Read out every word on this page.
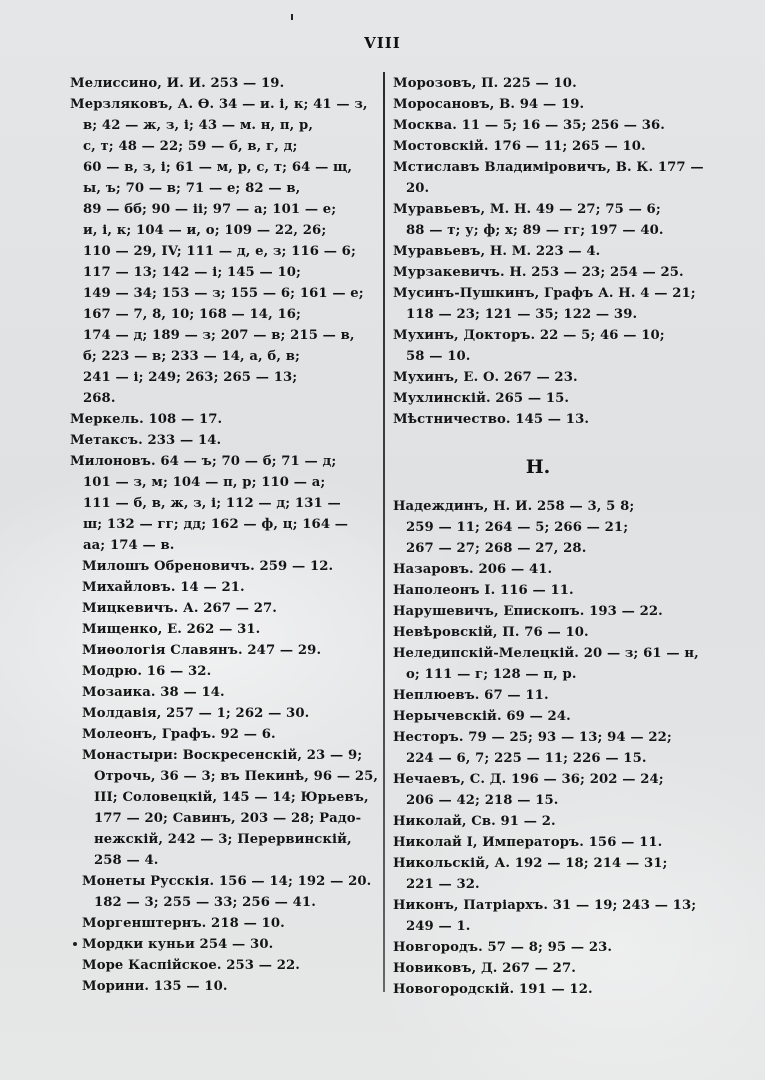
VIII
Мелиссино, И. И. 253 — 19.
Мерзляковъ, А. Ө. 34 — и. і, к; 41 — з,
в; 42 — ж, з, і; 43 — м. н, п, р,
с, т; 48 — 22; 59 — б, в, г, д;
60 — в, з, і; 61 — м, р, с, т; 64 — щ,
ы, ъ; 70 — в; 71 — е; 82 — в,
89 — бб; 90 — іі; 97 — а; 101 — е;
и, і, к; 104 — и, о; 109 — 22, 26;
110 — 29, IV; 111 — д, е, з; 116 — 6;
117 — 13; 142 — і; 145 — 10;
149 — 34; 153 — з; 155 — 6; 161 — е;
167 — 7, 8, 10; 168 — 14, 16;
174 — д; 189 — з; 207 — в; 215 — в,
б; 223 — в; 233 — 14, а, б, в;
241 — і; 249; 263; 265 — 13;
268.
Меркель. 108 — 17.
Метаксъ. 233 — 14.
Милоновъ. 64 — ъ; 70 — б; 71 — д;
101 — з, м; 104 — п, р; 110 — а;
111 — б, в, ж, з, і; 112 — д; 131 —
ш; 132 — гг; дд; 162 — ф, ц; 164 —
аа; 174 — в.
Милошъ Обреновичъ. 259 — 12.
Михайловъ. 14 — 21.
Мицкевичъ. А. 267 — 27.
Мищенко, Е. 262 — 31.
Миѳологія Славянъ. 247 — 29.
Модрю. 16 — 32.
Мозаика. 38 — 14.
Молдавія, 257 — 1; 262 — 30.
Молеонъ, Графъ. 92 — 6.
Монастыри: Воскресенскій, 23 — 9;
Отрочь, 36 — 3; въ Пекинѣ, 96 — 25,
III; Соловецкій, 145 — 14; Юрьевъ,
177 — 20; Савинъ, 203 — 28; Радо-
нежскій, 242 — 3; Перервинскій,
258 — 4.
Монеты Русскія. 156 — 14; 192 — 20.
182 — 3; 255 — 33; 256 — 41.
Моргенштернъ. 218 — 10.
Мордки куньи 254 — 30.
Море Каспійское. 253 — 22.
Морини. 135 — 10.
Морозовъ, П. 225 — 10.
Моросановъ, В. 94 — 19.
Москва. 11 — 5; 16 — 35; 256 — 36.
Мостовскій. 176 — 11; 265 — 10.
Мстиславъ Владиміровичъ, В. К. 177 —
20.
Муравьевъ, М. Н. 49 — 27; 75 — 6;
88 — т; у; ф; х; 89 — гг; 197 — 40.
Муравьевъ, Н. М. 223 — 4.
Мурзакевичъ. Н. 253 — 23; 254 — 25.
Мусинъ-Пушкинъ, Графъ А. Н. 4 — 21;
118 — 23; 121 — 35; 122 — 39.
Мухинъ, Докторъ. 22 — 5; 46 — 10;
58 — 10.
Мухинъ, Е. О. 267 — 23.
Мухлинскій. 265 — 15.
Мѣстничество. 145 — 13.
Н.
Надеждинъ, Н. И. 258 — 3, 5 8;
259 — 11; 264 — 5; 266 — 21;
267 — 27; 268 — 27, 28.
Назаровъ. 206 — 41.
Наполеонъ I. 116 — 11.
Нарушевичъ, Епископъ. 193 — 22.
Невѣровскій, П. 76 — 10.
Неледипскій-Мелецкій. 20 — з; 61 — н,
о; 111 — г; 128 — п, р.
Неплюевъ. 67 — 11.
Нерычевскій. 69 — 24.
Несторъ. 79 — 25; 93 — 13; 94 — 22;
224 — 6, 7; 225 — 11; 226 — 15.
Нечаевъ, С. Д. 196 — 36; 202 — 24;
206 — 42; 218 — 15.
Николай, Св. 91 — 2.
Николай I, Императоръ. 156 — 11.
Никольскій, А. 192 — 18; 214 — 31;
221 — 32.
Никонъ, Патріархъ. 31 — 19; 243 — 13;
249 — 1.
Новгородъ. 57 — 8; 95 — 23.
Новиковъ, Д. 267 — 27.
Новогородскій. 191 — 12.
